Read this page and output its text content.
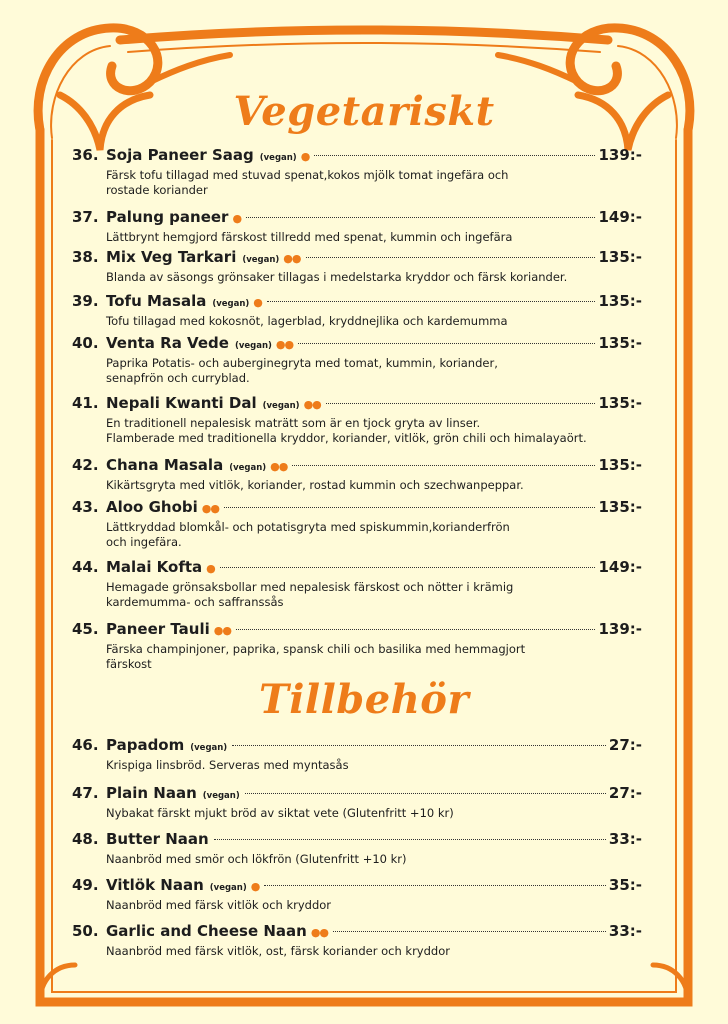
Vegetariskt
Tillbehör
36. Soja Paneer Saag (vegan) ●	139:-
Färsk tofu tillagad med stuvad spenat,kokos mjölk tomat ingefära och
rostade koriander
37. Palung paneer ●	149:-
Lättbrynt hemgjord färskost tillredd med spenat, kummin och ingefära
38. Mix Veg Tarkari (vegan) ●●	135:-
Blanda av säsongs grönsaker tillagas i medelstarka kryddor och färsk koriander.
39. Tofu Masala (vegan) ●	135:-
Tofu tillagad med kokosnöt, lagerblad, kryddnejlika och kardemumma
40. Venta Ra Vede (vegan) ●●	135:-
Paprika Potatis- och auberginegryta med tomat, kummin, koriander,
senapfrön och curryblad.
41. Nepali Kwanti Dal (vegan) ●●	135:-
En traditionell nepalesisk maträtt som är en tjock gryta av linser.
Flamberade med traditionella kryddor, koriander, vitlök, grön chili och himalayaört.
42. Chana Masala (vegan) ●●	135:-
Kikärtsgryta med vitlök, koriander, rostad kummin och szechwanpeppar.
43. Aloo Ghobi ●●	135:-
Lättkryddad blomkål- och potatisgryta med spiskummin,korianderfrön
och ingefära.
44. Malai Kofta ●	149:-
Hemagade grönsaksbollar med nepalesisk färskost och nötter i krämig
kardemumma- och saffranssås
45. Paneer Tauli ●●	139:-
Färska champinjoner, paprika, spansk chili och basilika med hemmagjort
färskost
46. Papadom (vegan)	27:-
Krispiga linsbröd. Serveras med myntasås
47. Plain Naan (vegan)	27:-
Nybakat färskt mjukt bröd av siktat vete (Glutenfritt +10 kr)
48. Butter Naan	33:-
Naanbröd med smör och lökfrön (Glutenfritt +10 kr)
49. Vitlök Naan (vegan) ●	35:-
Naanbröd med färsk vitlök och kryddor
50. Garlic and Cheese Naan ●●	33:-
Naanbröd med färsk vitlök, ost, färsk koriander och kryddor
